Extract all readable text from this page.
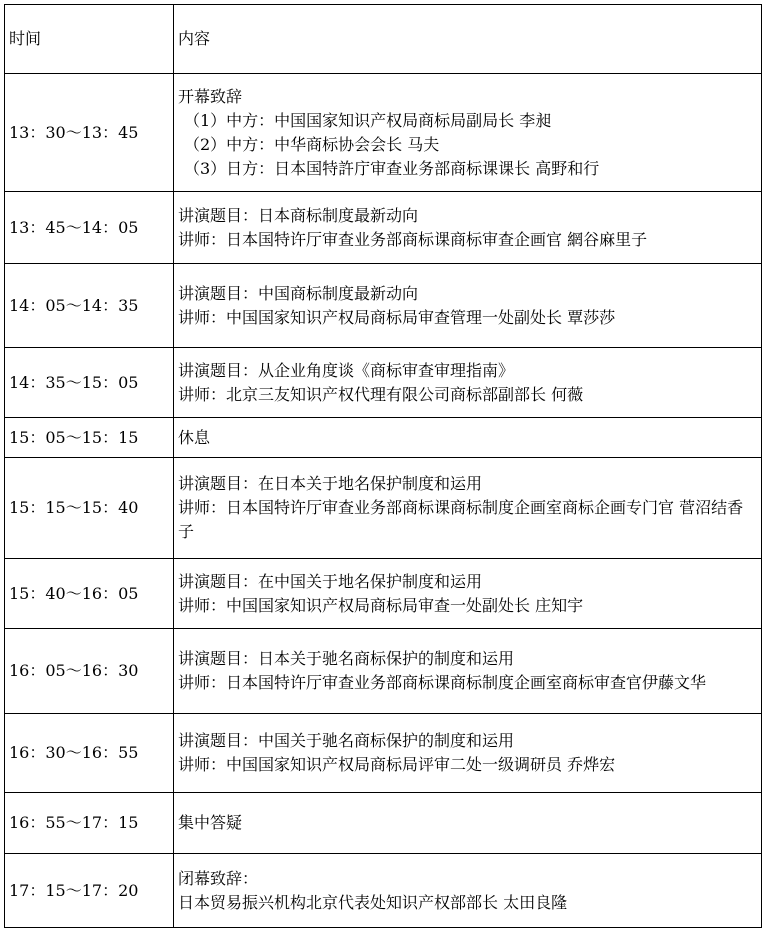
时间	内容
13：30～13：45	开幕致辞
（1）中方：中国国家知识产权局商标局副局长 李昶
（2）中方：中华商标协会会长 马夫
（3）日方：日本国特許庁审查业务部商标课课长 高野和行

13：45～14：05	讲演题目：日本商标制度最新动向
讲师：日本国特许厅审查业务部商标课商标审查企画官 網谷麻里子

14：05～14：35	讲演题目：中国商标制度最新动向
讲师：中国国家知识产权局商标局审查管理一处副处长 覃莎莎

14：35～15：05	讲演题目：从企业角度谈《商标审查审理指南》
讲师：北京三友知识产权代理有限公司商标部副部长 何薇

15：05～15：15	休息

15：15～15：40	讲演题目：在日本关于地名保护制度和运用
讲师：日本国特许厅审查业务部商标课商标制度企画室商标企画专门官 菅沼结香子

15：40～16：05	讲演题目：在中国关于地名保护制度和运用
讲师：中国国家知识产权局商标局审查一处副处长 庄知宇

16：05～16：30	讲演题目：日本关于驰名商标保护的制度和运用
讲师：日本国特许厅审查业务部商标课商标制度企画室商标审查官伊藤文华

16：30～16：55	讲演题目：中国关于驰名商标保护的制度和运用
讲师：中国国家知识产权局商标局评审二处一级调研员 乔烨宏

16：55～17：15	集中答疑

17：15～17：20	闭幕致辞：
日本贸易振兴机构北京代表处知识产权部部长 太田良隆
